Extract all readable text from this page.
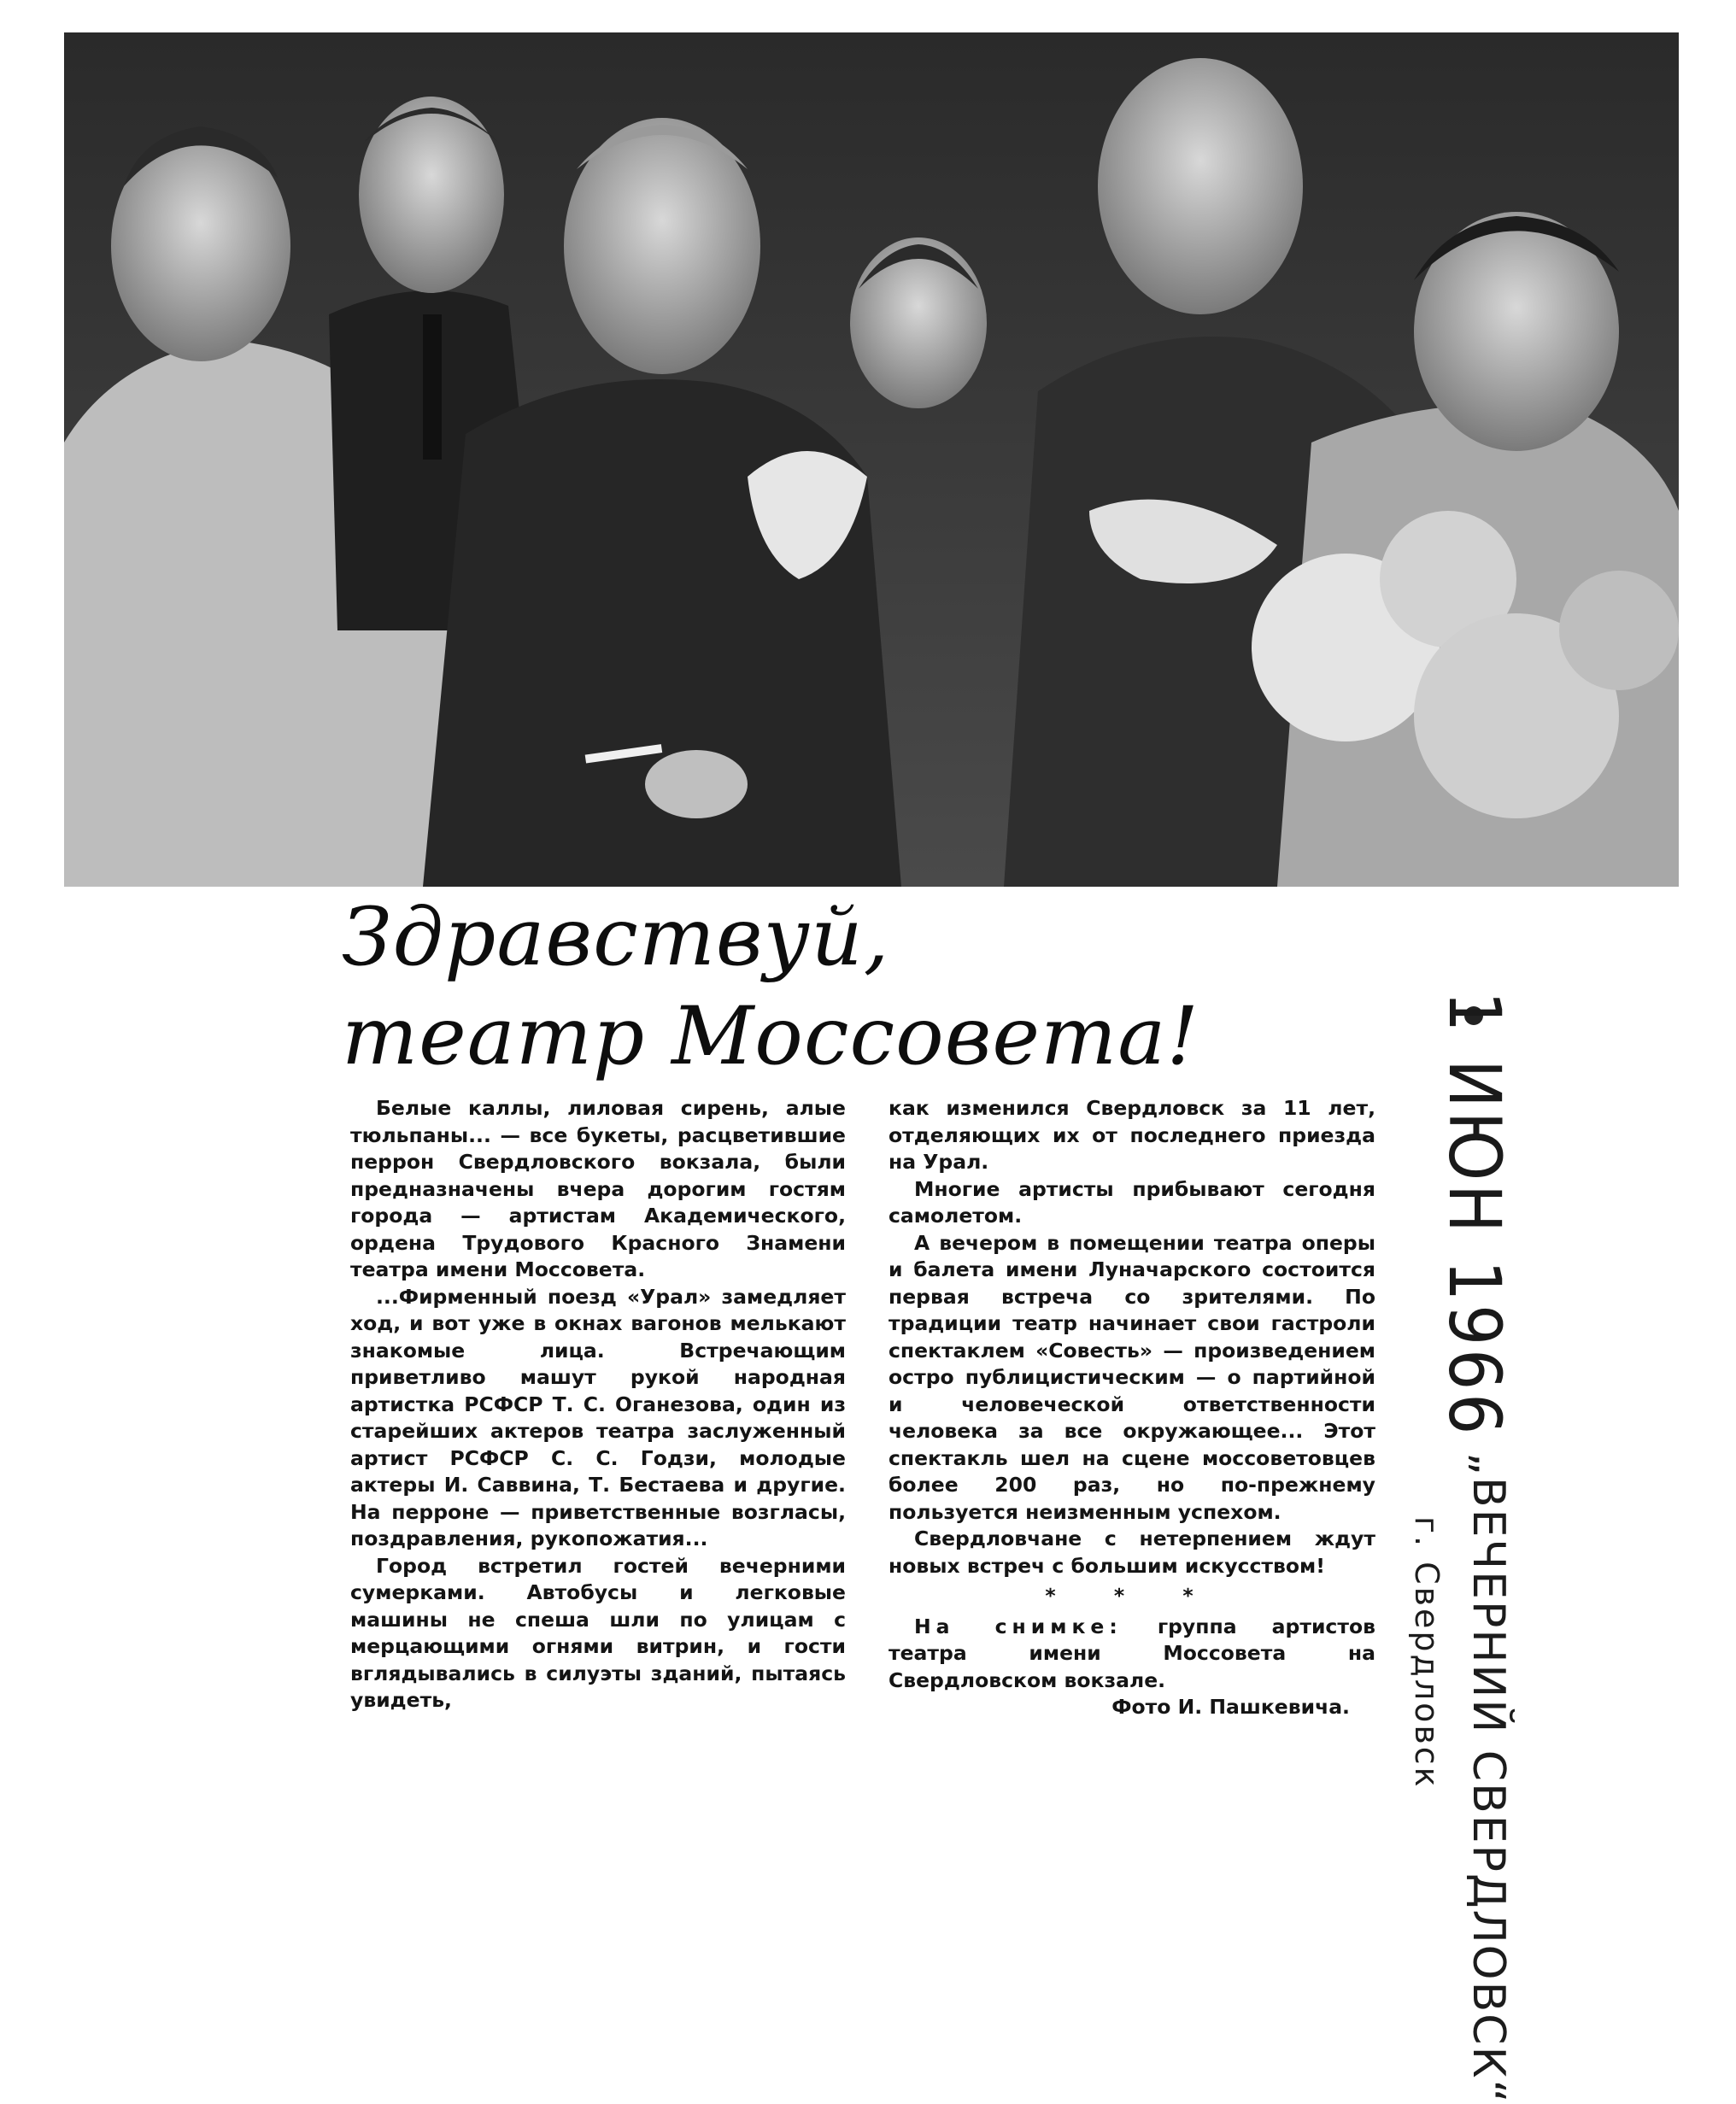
Здравствуй,
театр Моссовета!

Белые каллы, лиловая сирень, алые тюльпаны... — все букеты, расцветившие перрон Свердловского вокзала, были предназначены вчера дорогим гостям города — артистам Академического, ордена Трудового Красного Знамени театра имени Моссовета.

...Фирменный поезд «Урал» замедляет ход, и вот уже в окнах вагонов мелькают знакомые лица. Встречающим приветливо машут рукой народная артистка РСФСР Т. С. Оганезова, один из старейших актеров театра заслуженный артист РСФСР С. С. Годзи, молодые актеры И. Саввина, Т. Бестаева и другие. На перроне — приветственные возгласы, поздравления, рукопожатия...

Город встретил гостей вечерними сумерками. Автобусы и легковые машины не спеша шли по улицам с мерцающими огнями витрин, и гости вглядывались в силуэты зданий, пытаясь увидеть,

как изменился Свердловск за 11 лет, отделяющих их от последнего приезда на Урал.

Многие артисты прибывают сегодня самолетом.

А вечером в помещении театра оперы и балета имени Луначарского состоится первая встреча со зрителями. По традиции театр начинает свои гастроли спектаклем «Совесть» — произведением остро публицистическим — о партийной и человеческой ответственности человека за все окружающее... Этот спектакль шел на сцене моссоветовцев более 200 раз, но по-прежнему пользуется неизменным успехом.

Свердловчане с нетерпением ждут новых встреч с большим искусством!

* * *

На снимке: группа артистов театра имени Моссовета на Свердловском вокзале.

Фото И. Пашкевича.

1 ИЮН 1966
г. Свердловск „ВЕЧЕРНИЙ СВЕРДЛОВСК“
